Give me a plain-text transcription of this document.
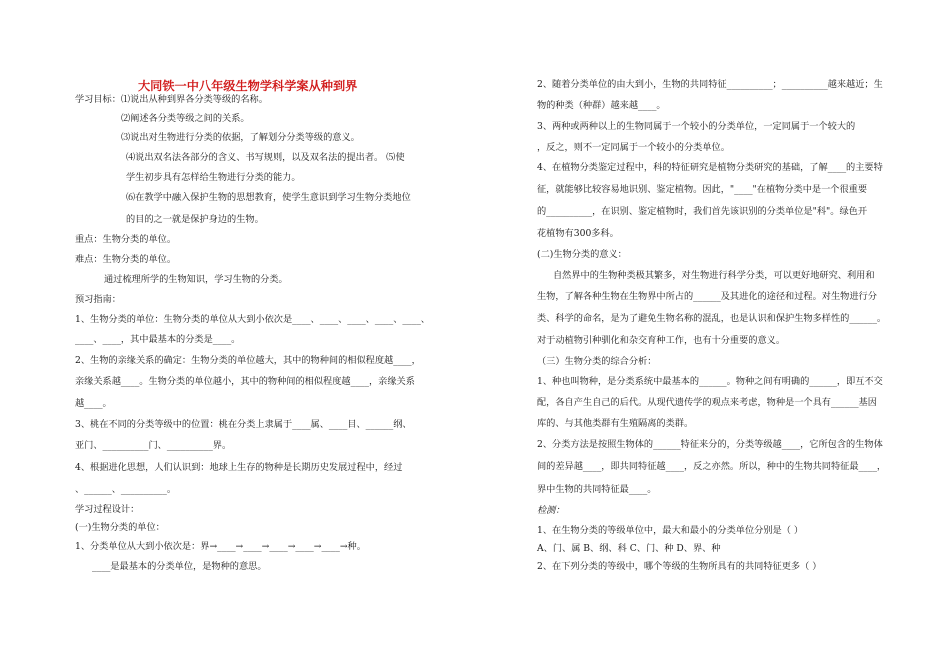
大同铁一中八年级生物学科学案从种到界
学习目标：⑴说出从种到界各分类等级的名称。
⑵阐述各分类等级之间的关系。
⑶说出对生物进行分类的依据，了解划分分类等级的意义。
⑷说出双名法各部分的含义、书写规则，以及双名法的提出者。 ⑸使
学生初步具有怎样给生物进行分类的能力。
⑹在教学中融入保护生物的思想教育，使学生意识到学习生物分类地位
的目的之一就是保护身边的生物。
重点：生物分类的单位。
难点：生物分类的单位。
通过梳理所学的生物知识，学习生物的分类。
预习指南：
1、生物分类的单位：生物分类的单位从大到小依次是____、____、____、____、____、
____、____，其中最基本的分类是____。
2、生物的亲缘关系的确定：生物分类的单位越大，其中的物种间的相似程度越____，
亲缘关系越____。生物分类的单位越小，其中的物种间的相似程度越____，亲缘关系
越____。
3、桃在不同的分类等级中的位置：桃在分类上隶属于____属、____目、______纲、
亚门、__________门、__________界。
4、根据进化思想，人们认识到：地球上生存的物种是长期历史发展过程中，经过
、______、__________。
学习过程设计：
(一)生物分类的单位：
1、分类单位从大到小依次是：界→____→____→____→____→____→种。
____是最基本的分类单位，是物种的意思。
2、随着分类单位的由大到小，生物的共同特征__________；__________越来越近；生
物的种类（种群）越来越____。
3、两种或两种以上的生物同属于一个较小的分类单位，一定同属于一个较大的
，反之，则不一定同属于一个较小的分类单位。
4、在植物分类鉴定过程中，科的特征研究是植物分类研究的基础，了解____的主要特
征，就能够比较容易地识别、鉴定植物。因此，"____"在植物分类中是一个很重要
的__________，在识别、鉴定植物时，我们首先该识别的分类单位是"科"。绿色开
花植物有300多科。
(二)生物分类的意义：
自然界中的生物种类极其繁多，对生物进行科学分类，可以更好地研究、利用和
生物，了解各种生物在生物界中所占的______及其进化的途径和过程。对生物进行分
类、科学的命名，是为了避免生物名称的混乱，也是认识和保护生物多样性的______。
对于动植物引种驯化和杂交育种工作，也有十分重要的意义。
（三）生物分类的综合分析：
1、种也叫物种，是分类系统中最基本的______。物种之间有明确的______，即互不交
配，各自产生自己的后代。从现代遗传学的观点来考虑，物种是一个具有______基因
库的、与其他类群有生殖隔离的类群。
2、分类方法是按照生物体的______特征来分的，分类等级越____，它所包含的生物体
间的差异越____，即共同特征越____，反之亦然。所以，种中的生物共同特征最____，
界中生物的共同特征最____。
检测：
1、在生物分类的等级单位中，最大和最小的分类单位分别是（ ）
A、门、属 B、纲、科 C、门、种 D、界、种
2、在下列分类的等级中，哪个等级的生物所具有的共同特征更多（ ）
